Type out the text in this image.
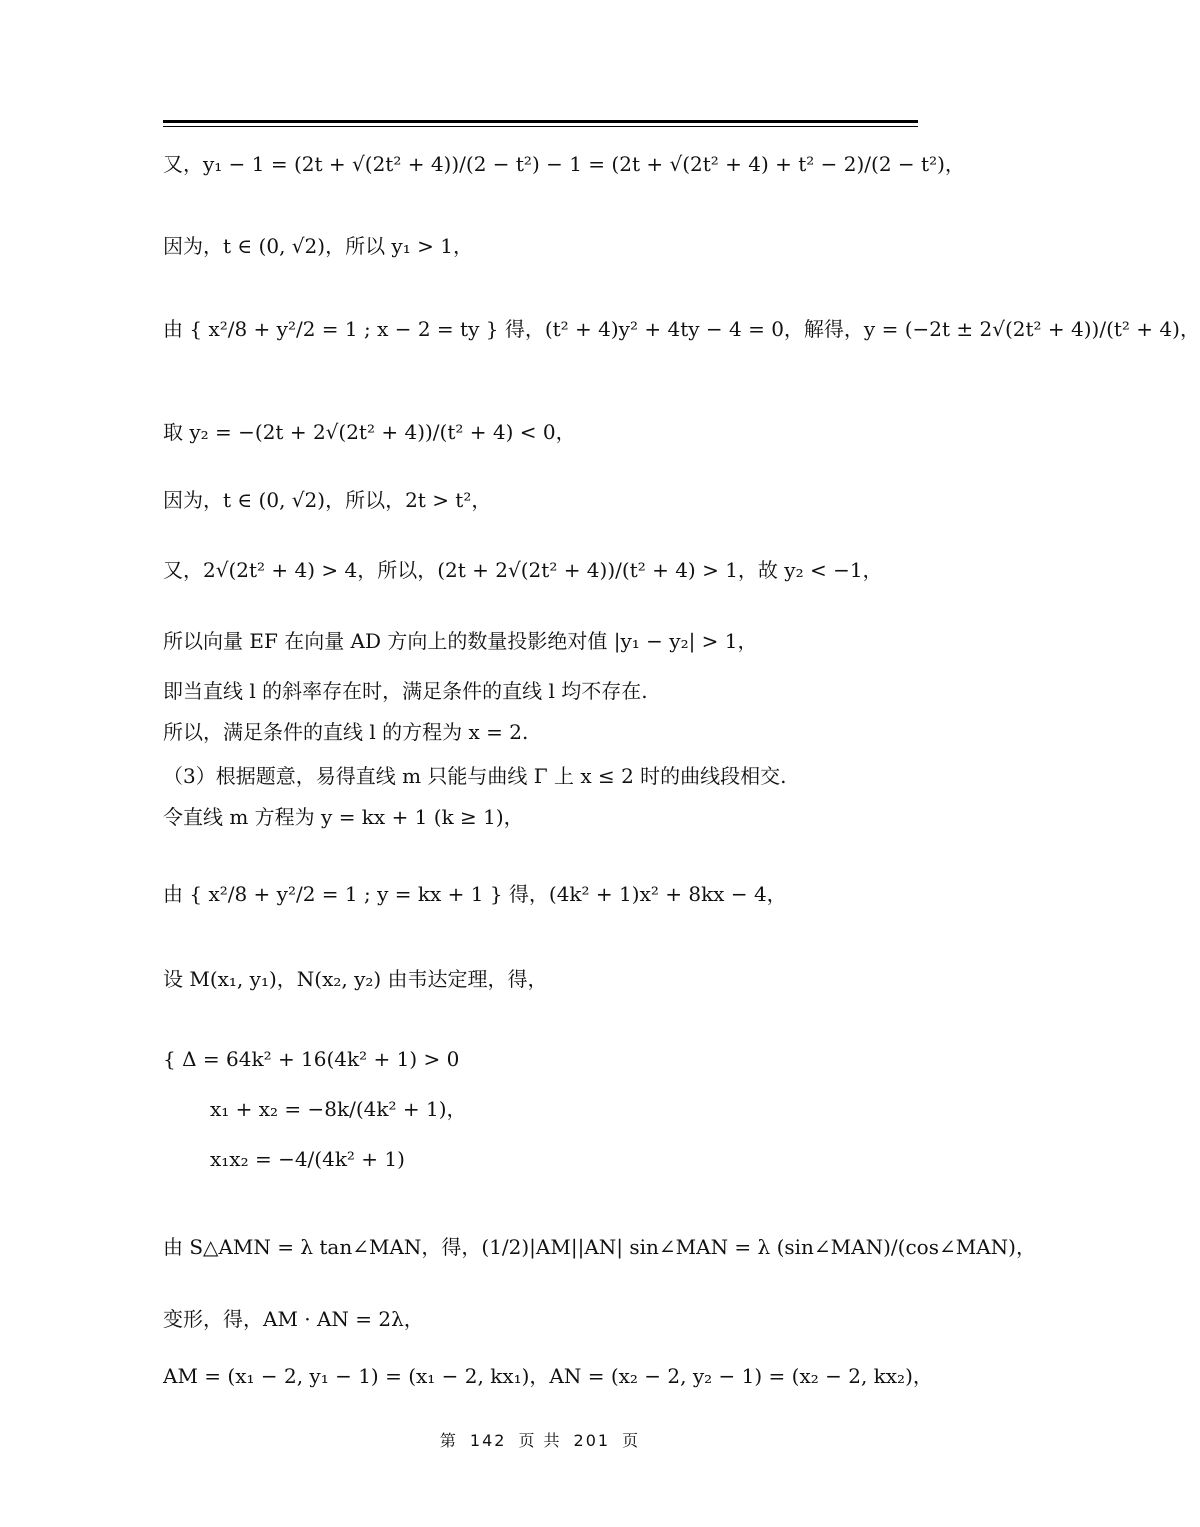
又，y₁ − 1 = (2t + √(2t² + 4))/(2 − t²) − 1 = (2t + √(2t² + 4) + t² − 2)/(2 − t²)，
因为，t ∈ (0, √2)，所以 y₁ > 1，
由 { x²/8 + y²/2 = 1 ; x − 2 = ty } 得，(t² + 4)y² + 4ty − 4 = 0，解得，y = (−2t ± 2√(2t² + 4))/(t² + 4)，
取 y₂ = −(2t + 2√(2t² + 4))/(t² + 4) < 0，
因为，t ∈ (0, √2)，所以，2t > t²，
又，2√(2t² + 4) > 4，所以，(2t + 2√(2t² + 4))/(t² + 4) > 1，故 y₂ < −1，
所以向量 EF 在向量 AD 方向上的数量投影绝对值 |y₁ − y₂| > 1，
即当直线 l 的斜率存在时，满足条件的直线 l 均不存在.
所以，满足条件的直线 l 的方程为 x = 2.
（3）根据题意，易得直线 m 只能与曲线 Γ 上 x ≤ 2 时的曲线段相交.
令直线 m 方程为 y = kx + 1 (k ≥ 1)，
由 { x²/8 + y²/2 = 1 ; y = kx + 1 } 得，(4k² + 1)x² + 8kx − 4，
设 M(x₁, y₁)，N(x₂, y₂) 由韦达定理，得，
{ Δ = 64k² + 16(4k² + 1) > 0
x₁ + x₂ = −8k/(4k² + 1)，
x₁x₂ = −4/(4k² + 1)
由 S△AMN = λ tan∠MAN，得，(1/2)|AM||AN| sin∠MAN = λ (sin∠MAN)/(cos∠MAN)，
变形，得，AM · AN = 2λ，
AM = (x₁ − 2, y₁ − 1) = (x₁ − 2, kx₁)，AN = (x₂ − 2, y₂ − 1) = (x₂ − 2, kx₂)，
第 142 页 共 201 页
